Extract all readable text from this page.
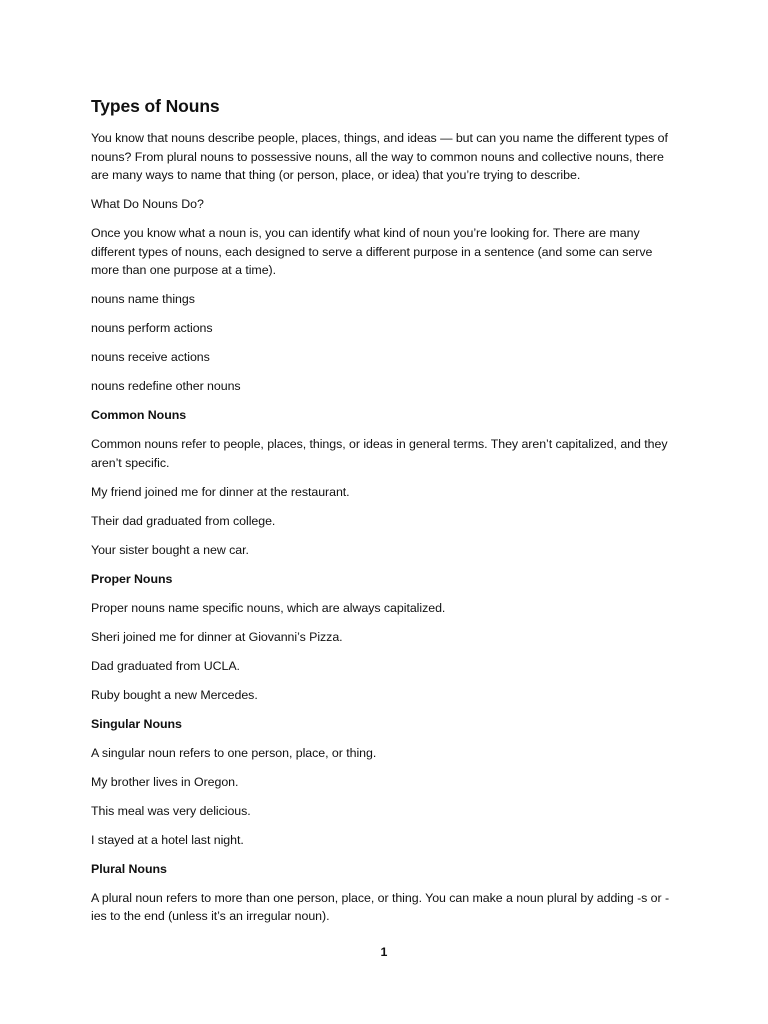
Types of Nouns

You know that nouns describe people, places, things, and ideas — but can you name the different types of nouns? From plural nouns to possessive nouns, all the way to common nouns and collective nouns, there are many ways to name that thing (or person, place, or idea) that you’re trying to describe.

What Do Nouns Do?

Once you know what a noun is, you can identify what kind of noun you’re looking for. There are many different types of nouns, each designed to serve a different purpose in a sentence (and some can serve more than one purpose at a time).

nouns name things

nouns perform actions

nouns receive actions

nouns redefine other nouns

Common Nouns

Common nouns refer to people, places, things, or ideas in general terms. They aren’t capitalized, and they aren’t specific.

My friend joined me for dinner at the restaurant.

Their dad graduated from college.

Your sister bought a new car.

Proper Nouns

Proper nouns name specific nouns, which are always capitalized.

Sheri joined me for dinner at Giovanni’s Pizza.

Dad graduated from UCLA.

Ruby bought a new Mercedes.

Singular Nouns

A singular noun refers to one person, place, or thing.

My brother lives in Oregon.

This meal was very delicious.

I stayed at a hotel last night.

Plural Nouns

A plural noun refers to more than one person, place, or thing. You can make a noun plural by adding -s or -ies to the end (unless it’s an irregular noun).

1
